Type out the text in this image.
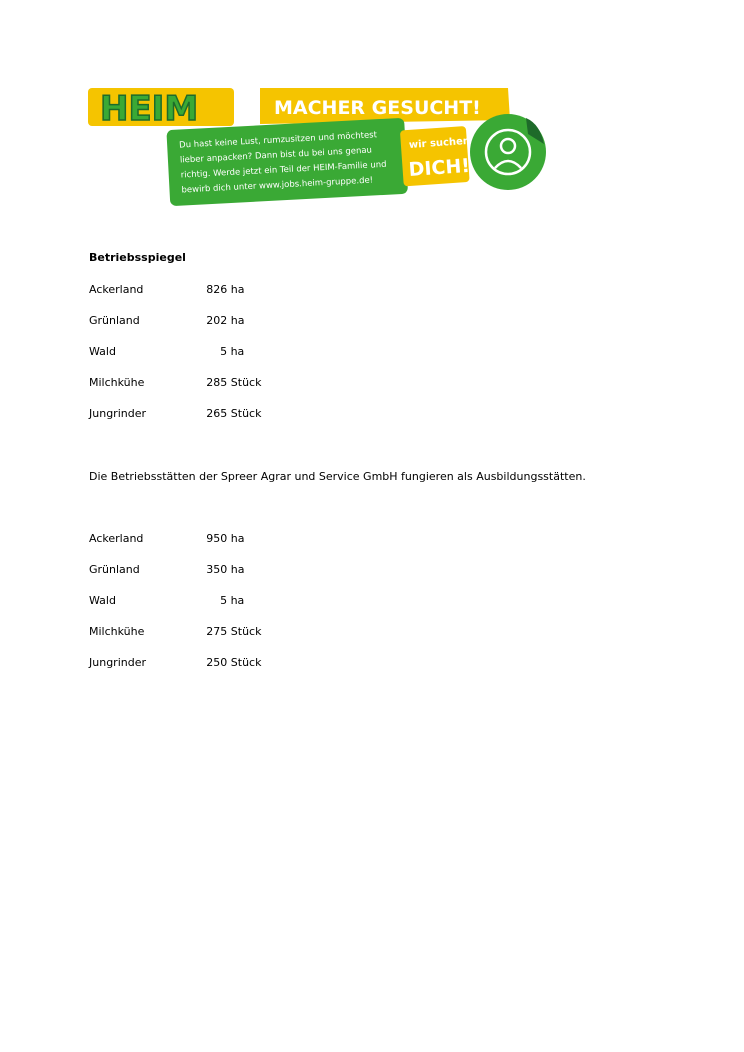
HEIM	MACHER GESUCHT!
Du hast keine Lust, rumzusitzen und möchtest
lieber anpacken? Dann bist du bei uns genau
richtig. Werde jetzt ein Teil der HEIM-Familie und
bewirb dich unter www.jobs.heim-gruppe.de!
wir suchen
DICH!
Betriebsspiegel
Ackerland	826 ha
Grünland	202 ha
Wald	5 ha
Milchkühe	285 Stück
Jungrinder	265 Stück
Die Betriebsstätten der Spreer Agrar und Service GmbH fungieren als Ausbildungsstätten.
Ackerland	950 ha
Grünland	350 ha
Wald	5 ha
Milchkühe	275 Stück
Jungrinder	250 Stück
